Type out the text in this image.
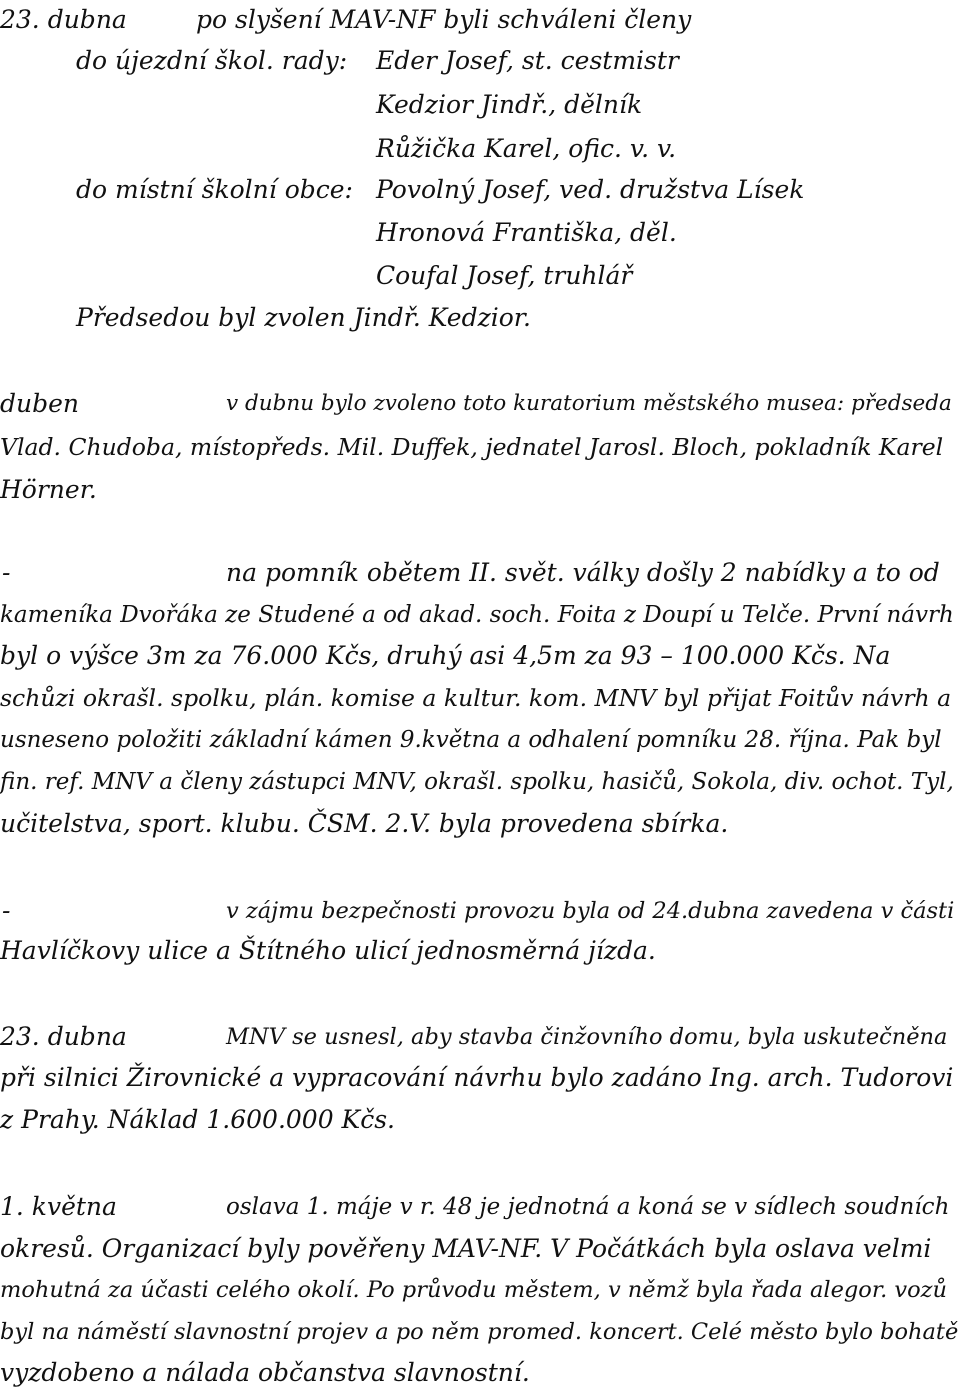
23. dubna	po slyšení MAV-NF byli schváleni členy
do újezdní škol. rady: Eder Josef, st. cestmistr
Kedzior Jindř., dělník
Růžička Karel, ofic. v. v.
do místní školní obce: Povolný Josef, ved. družstva Lísek
Hronová Františka, děl.
Coufal Josef, truhlář
Předsedou byl zvolen Jindř. Kedzior.
duben	v dubnu bylo zvoleno toto kuratorium městského musea: předseda
Vlad. Chudoba, místopředs. Mil. Duffek, jednatel Jarosl. Bloch, pokladník Karel
Hörner.
-	na pomník obětem II. svět. války došly 2 nabídky a to od
kameníka Dvořáka ze Studené a od akad. soch. Foita z Doupí u Telče. První návrh
byl o výšce 3m za 76.000 Kčs, druhý asi 4,5m za 93 – 100.000 Kčs. Na
schůzi okrašl. spolku, plán. komise a kultur. kom. MNV byl přijat Foitův návrh a
usneseno položiti základní kámen 9.května a odhalení pomníku 28. října. Pak byl
fin. ref. MNV a členy zástupci MNV, okrašl. spolku, hasičů, Sokola, div. ochot. Tyl,
učitelstva, sport. klubu. ČSM. 2.V. byla provedena sbírka.
-	v zájmu bezpečnosti provozu byla od 24.dubna zavedena v části
Havlíčkovy ulice a Štítného ulicí jednosměrná jízda.
23. dubna	MNV se usnesl, aby stavba činžovního domu, byla uskutečněna
při silnici Žirovnické a vypracování návrhu bylo zadáno Ing. arch. Tudorovi
z Prahy. Náklad 1.600.000 Kčs.
1. května	oslava 1. máje v r. 48 je jednotná a koná se v sídlech soudních
okresů. Organizací byly pověřeny MAV-NF. V Počátkách byla oslava velmi
mohutná za účasti celého okolí. Po průvodu městem, v němž byla řada alegor. vozů
byl na náměstí slavnostní projev a po něm promed. koncert. Celé město bylo bohatě
vyzdobeno a nálada občanstva slavnostní.
